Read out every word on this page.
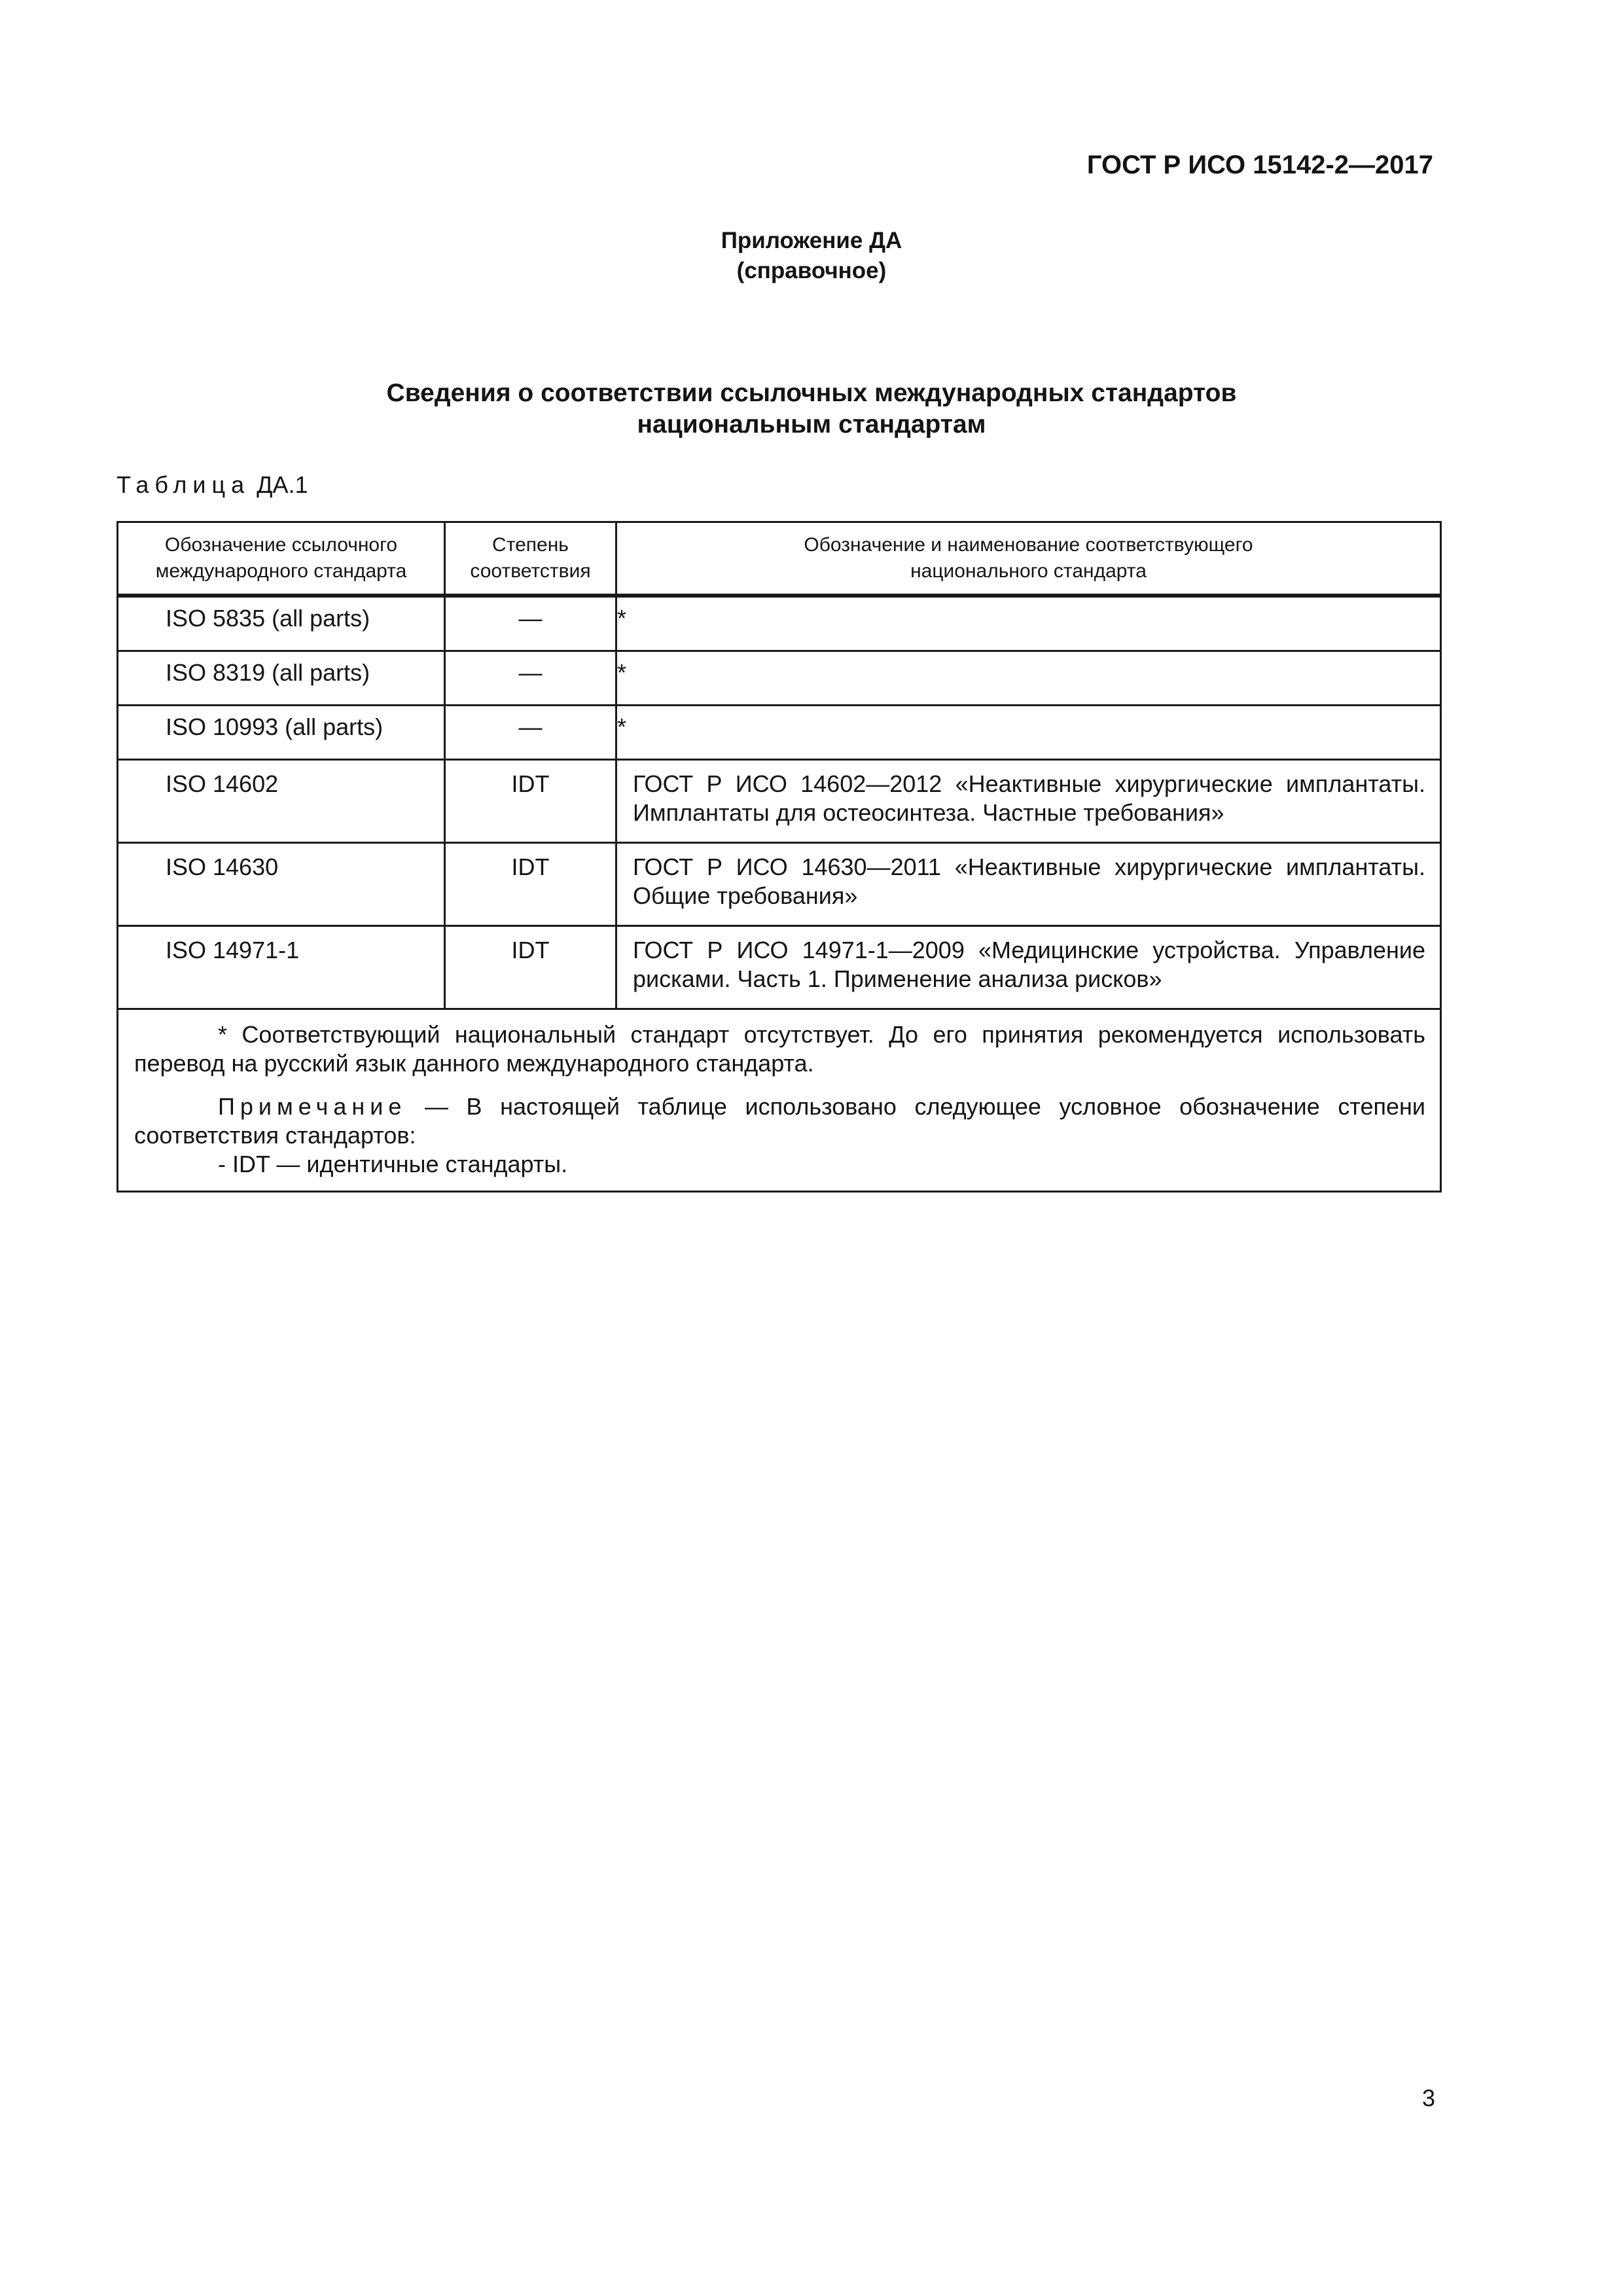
ГОСТ Р ИСО 15142-2—2017
Приложение ДА
(справочное)
Сведения о соответствии ссылочных международных стандартов
национальным стандартам
Таблица ДА.1
Обозначение ссылочного международного стандарта	Степень соответствия	Обозначение и наименование соответствующего национального стандарта
ISO 5835 (all parts)	—	*
ISO 8319 (all parts)	—	*
ISO 10993 (all parts)	—	*
ISO 14602	IDT	ГОСТ Р ИСО 14602—2012 «Неактивные хирургические имплантаты. Имплантаты для остеосинтеза. Частные требования»
ISO 14630	IDT	ГОСТ Р ИСО 14630—2011 «Неактивные хирургические имплантаты. Общие требования»
ISO 14971-1	IDT	ГОСТ Р ИСО 14971-1—2009 «Медицинские устройства. Управление рисками. Часть 1. Применение анализа рисков»

* Соответствующий национальный стандарт отсутствует. До его принятия рекомендуется использовать перевод на русский язык данного международного стандарта.

Примечание — В настоящей таблице использовано следующее условное обозначение степени соответствия стандартов:

- IDT — идентичные стандарты.		

3
